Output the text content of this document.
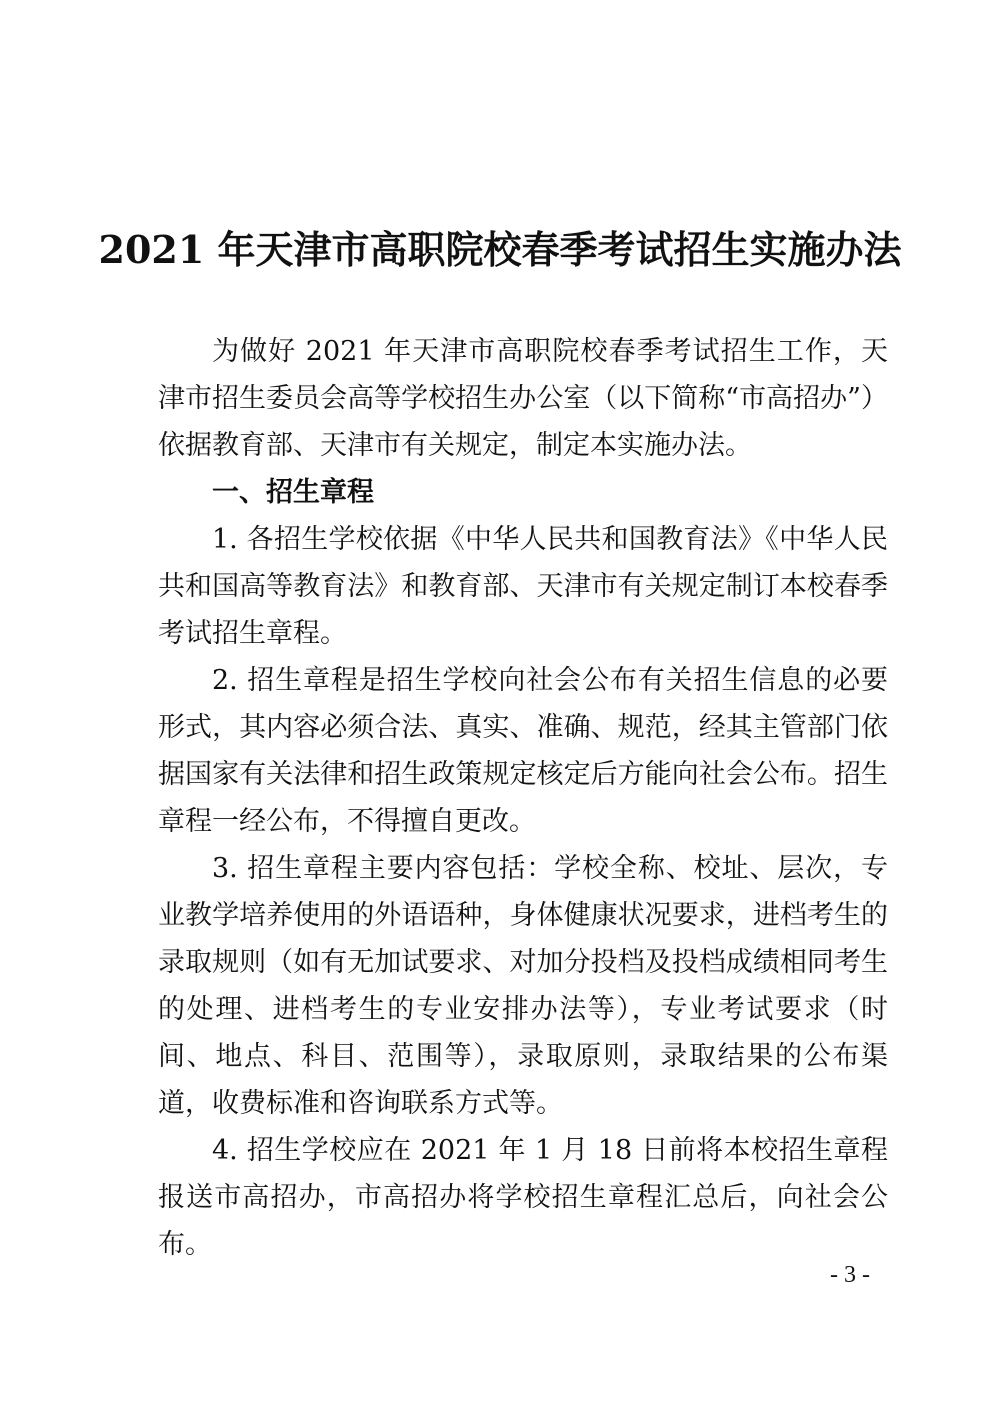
2021 年天津市高职院校春季考试招生实施办法

为做好 2021 年天津市高职院校春季考试招生工作，天津市招生委员会高等学校招生办公室（以下简称“市高招办”）依据教育部、天津市有关规定，制定本实施办法。

一、招生章程

1. 各招生学校依据《中华人民共和国教育法》《中华人民共和国高等教育法》和教育部、天津市有关规定制订本校春季考试招生章程。

2. 招生章程是招生学校向社会公布有关招生信息的必要形式，其内容必须合法、真实、准确、规范，经其主管部门依据国家有关法律和招生政策规定核定后方能向社会公布。招生章程一经公布，不得擅自更改。

3. 招生章程主要内容包括：学校全称、校址、层次，专业教学培养使用的外语语种，身体健康状况要求，进档考生的录取规则（如有无加试要求、对加分投档及投档成绩相同考生的处理、进档考生的专业安排办法等），专业考试要求（时间、地点、科目、范围等），录取原则，录取结果的公布渠道，收费标准和咨询联系方式等。

4. 招生学校应在 2021 年 1 月 18 日前将本校招生章程报送市高招办，市高招办将学校招生章程汇总后，向社会公布。

- 3 -
